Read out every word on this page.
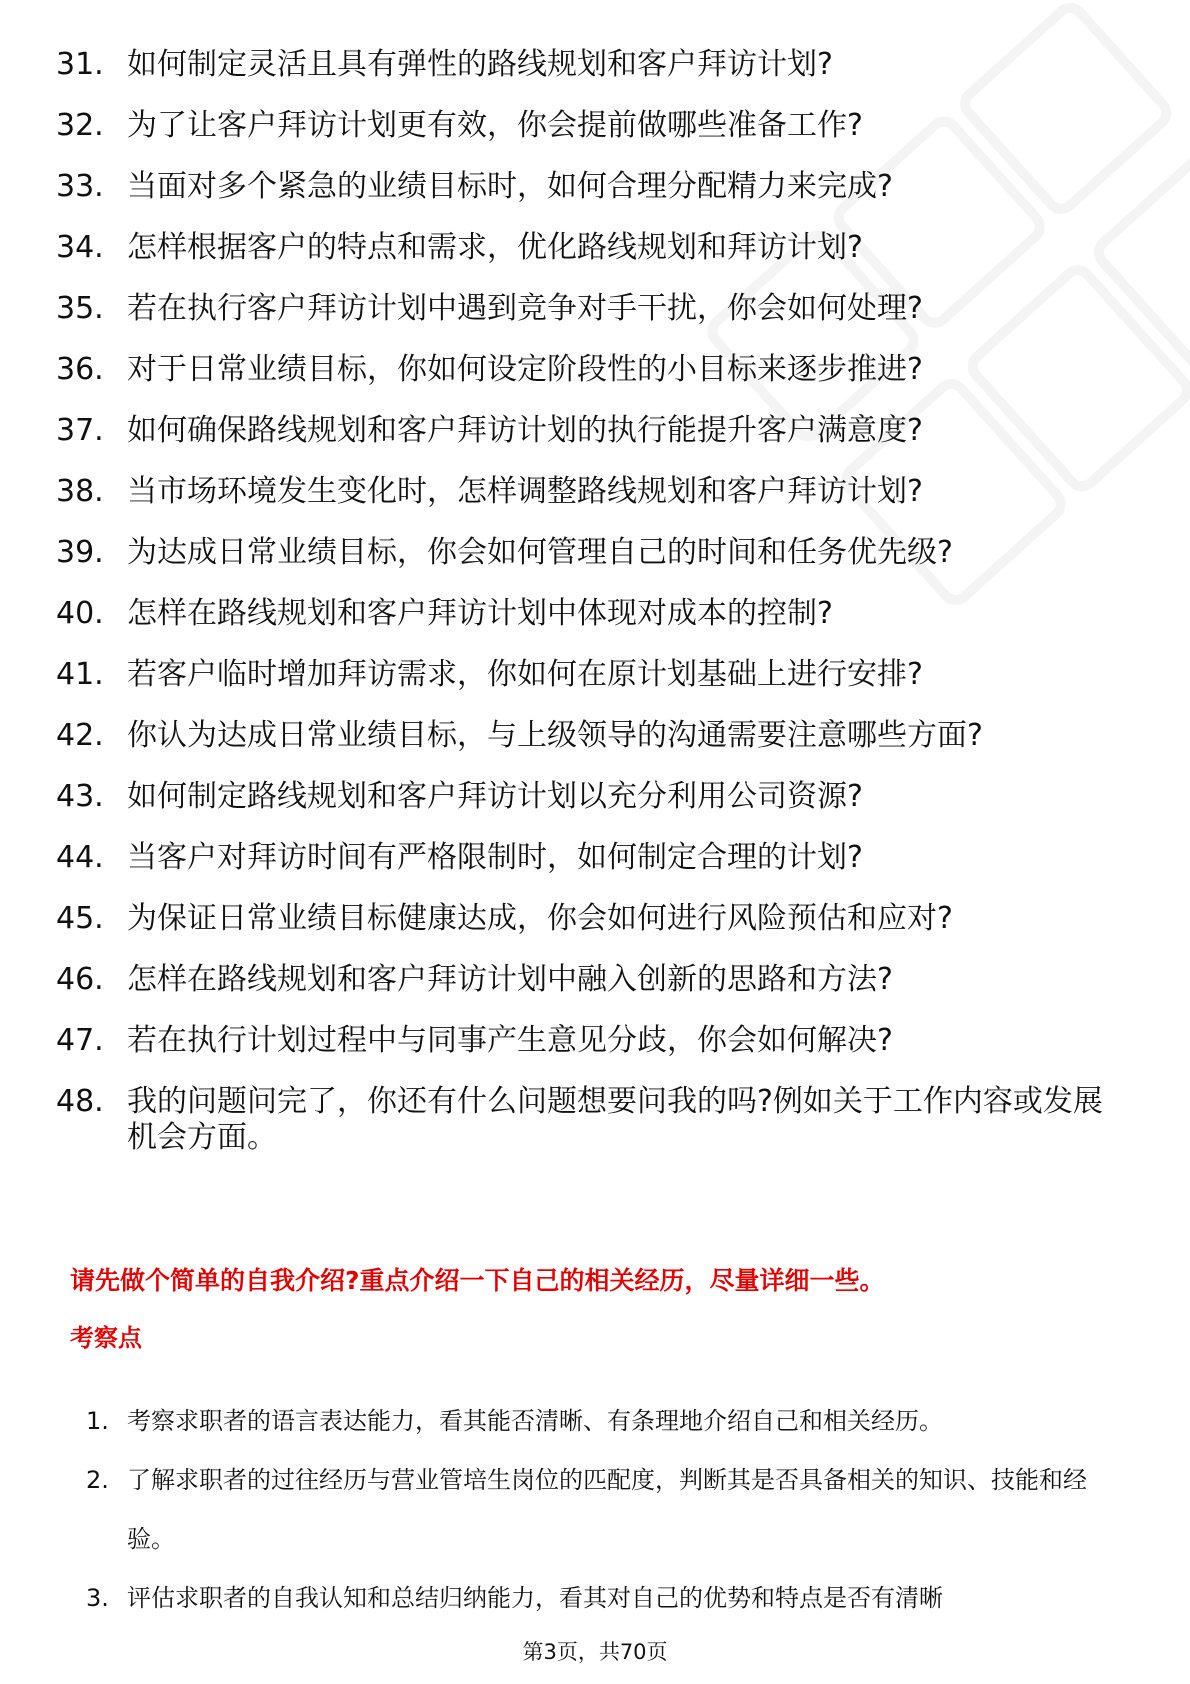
31. 如何制定灵活且具有弹性的路线规划和客户拜访计划?
32. 为了让客户拜访计划更有效，你会提前做哪些准备工作?
33. 当面对多个紧急的业绩目标时，如何合理分配精力来完成?
34. 怎样根据客户的特点和需求，优化路线规划和拜访计划?
35. 若在执行客户拜访计划中遇到竞争对手干扰，你会如何处理?
36. 对于日常业绩目标，你如何设定阶段性的小目标来逐步推进?
37. 如何确保路线规划和客户拜访计划的执行能提升客户满意度?
38. 当市场环境发生变化时，怎样调整路线规划和客户拜访计划?
39. 为达成日常业绩目标，你会如何管理自己的时间和任务优先级?
40. 怎样在路线规划和客户拜访计划中体现对成本的控制?
41. 若客户临时增加拜访需求，你如何在原计划基础上进行安排?
42. 你认为达成日常业绩目标，与上级领导的沟通需要注意哪些方面?
43. 如何制定路线规划和客户拜访计划以充分利用公司资源?
44. 当客户对拜访时间有严格限制时，如何制定合理的计划?
45. 为保证日常业绩目标健康达成，你会如何进行风险预估和应对?
46. 怎样在路线规划和客户拜访计划中融入创新的思路和方法?
47. 若在执行计划过程中与同事产生意见分歧，你会如何解决?
48. 我的问题问完了，你还有什么问题想要问我的吗?例如关于工作内容或发展机会方面。
请先做个简单的自我介绍?重点介绍一下自己的相关经历，尽量详细一些。
考察点
1. 考察求职者的语言表达能力，看其能否清晰、有条理地介绍自己和相关经历。
2. 了解求职者的过往经历与营业管培生岗位的匹配度，判断其是否具备相关的知识、技能和经验。
3. 评估求职者的自我认知和总结归纳能力，看其对自己的优势和特点是否有清晰
第3页，共70页
